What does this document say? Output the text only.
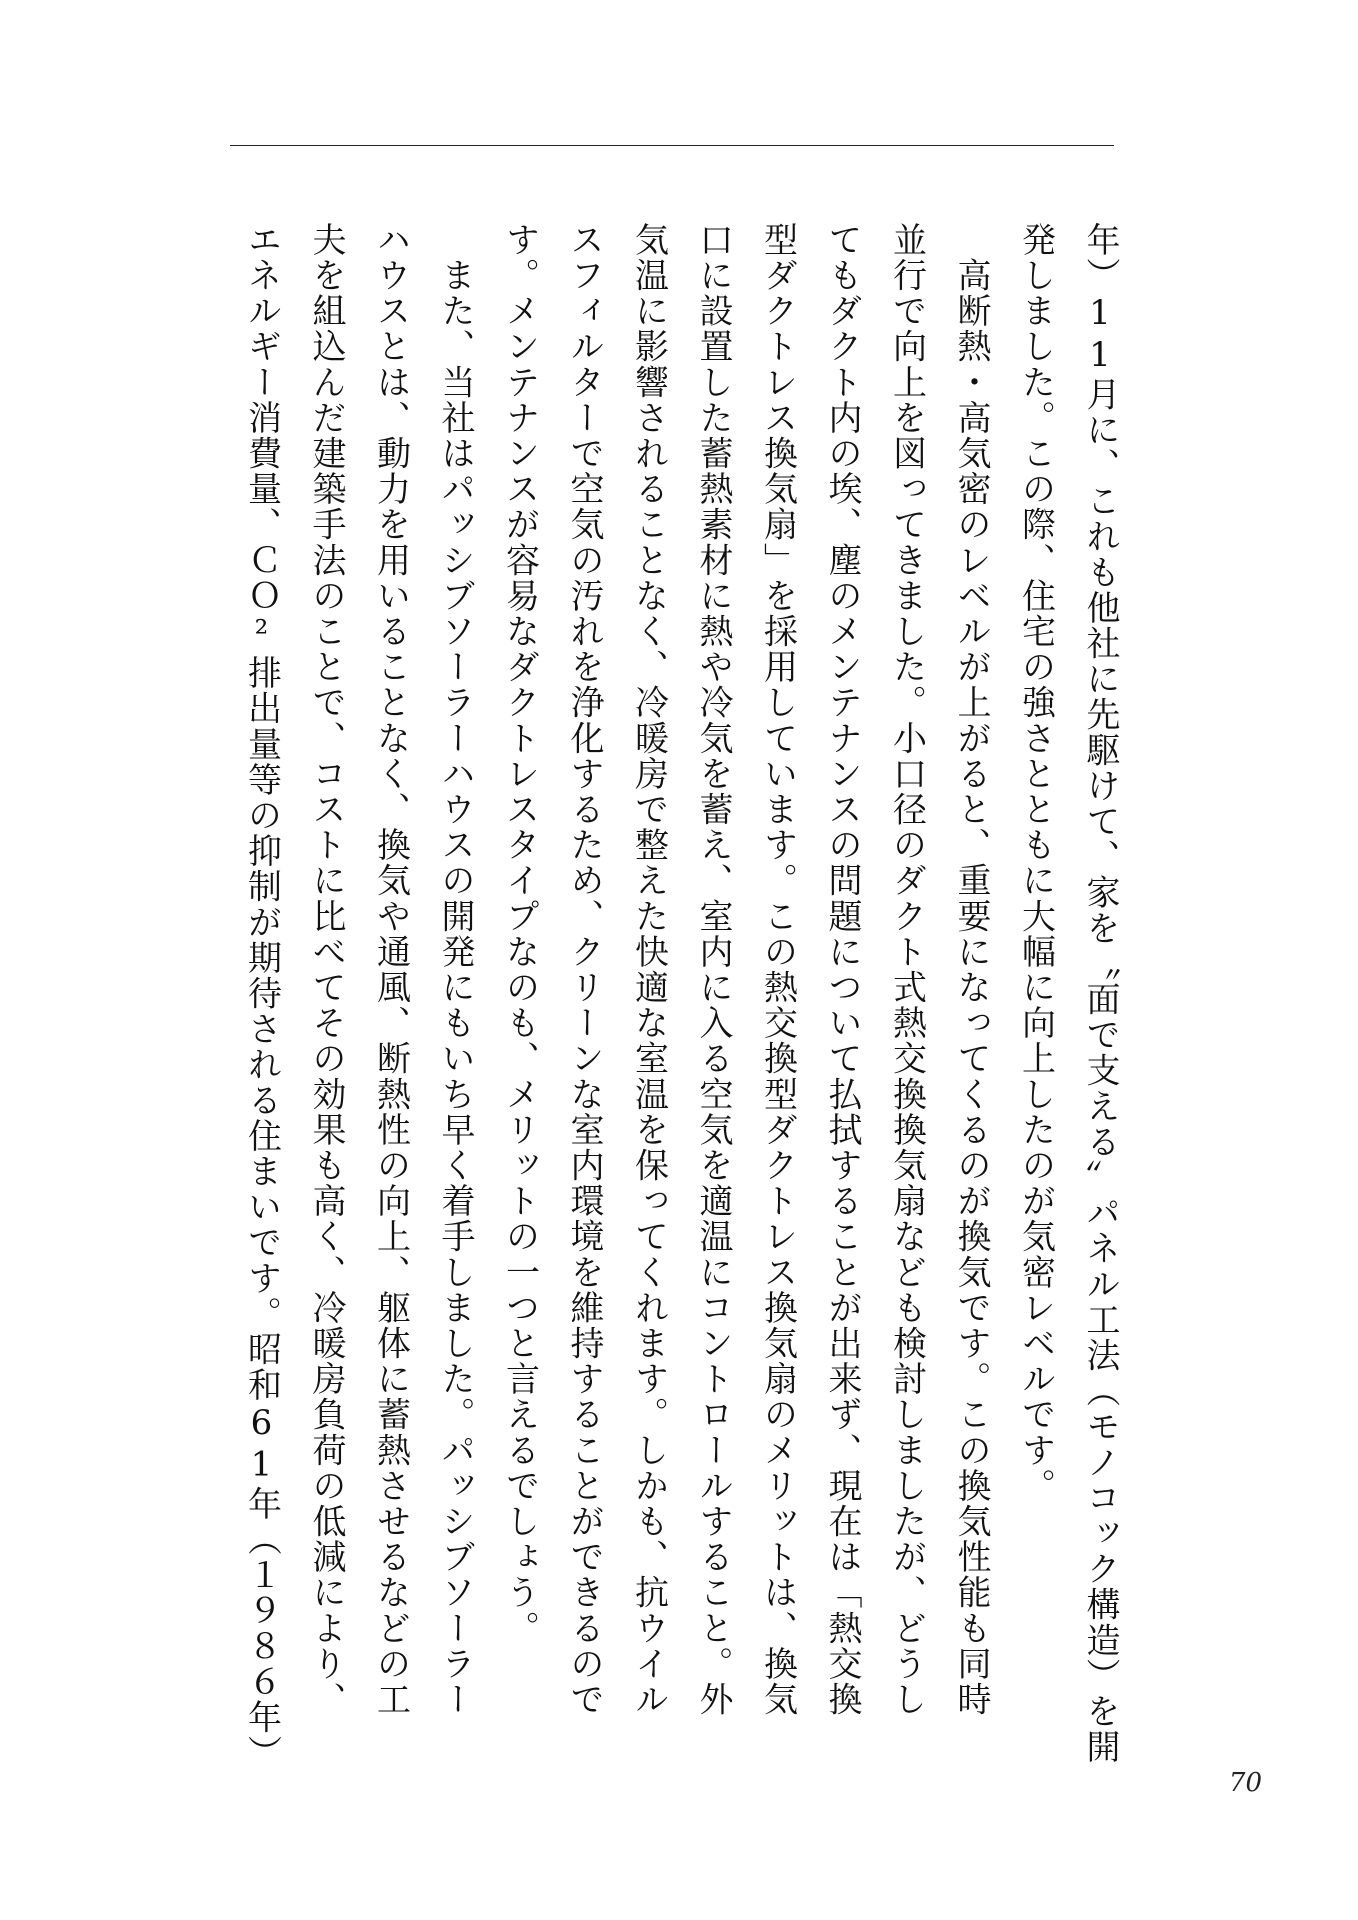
年）11月に、これも他社に先駆けて、家を〝面で支える〟パネル工法（モノコック構造）を開
発しました。この際、住宅の強さとともに大幅に向上したのが気密レベルです。
　高断熱・高気密のレベルが上がると、重要になってくるのが換気です。この換気性能も同時
並行で向上を図ってきました。小口径のダクト式熱交換換気扇なども検討しましたが、どうし
てもダクト内の埃、塵のメンテナンスの問題について払拭することが出来ず、現在は「熱交換
型ダクトレス換気扇」を採用しています。この熱交換型ダクトレス換気扇のメリットは、換気
口に設置した蓄熱素材に熱や冷気を蓄え、室内に入る空気を適温にコントロールすること。外
気温に影響されることなく、冷暖房で整えた快適な室温を保ってくれます。しかも、抗ウイル
スフィルターで空気の汚れを浄化するため、クリーンな室内環境を維持することができるので
す。メンテナンスが容易なダクトレスタイプなのも、メリットの一つと言えるでしょう。
　また、当社はパッシブソーラーハウスの開発にもいち早く着手しました。パッシブソーラー
ハウスとは、動力を用いることなく、換気や通風、断熱性の向上、躯体に蓄熱させるなどの工
夫を組込んだ建築手法のことで、コストに比べてその効果も高く、冷暖房負荷の低減により、
エネルギー消費量、ＣＯ²排出量等の抑制が期待される住まいです。昭和61年（１９８６年）
70
